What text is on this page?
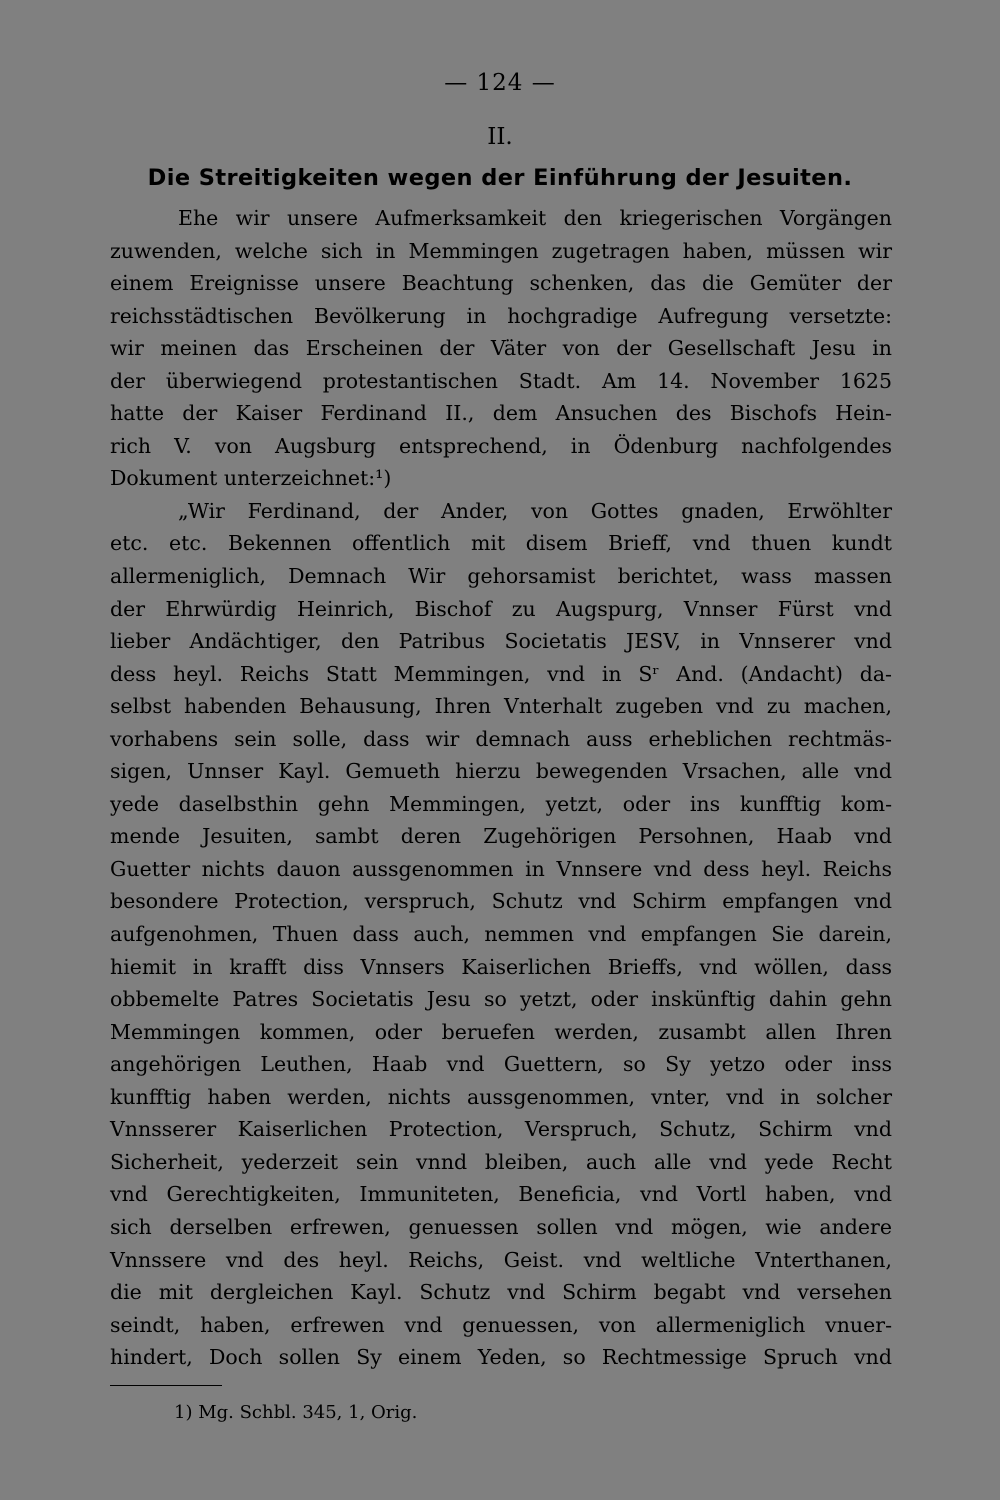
— 124 —
II.
Die Streitigkeiten wegen der Einführung der Jesuiten.
Ehe wir unsere Aufmerksamkeit den kriegerischen Vorgängen
zuwenden, welche sich in Memmingen zugetragen haben, müssen wir
einem Ereignisse unsere Beachtung schenken, das die Gemüter der
reichsstädtischen Bevölkerung in hochgradige Aufregung versetzte:
wir meinen das Erscheinen der Väter von der Gesellschaft Jesu in
der überwiegend protestantischen Stadt. Am 14. November 1625
hatte der Kaiser Ferdinand II., dem Ansuchen des Bischofs Hein-
rich V. von Augsburg entsprechend, in Ödenburg nachfolgendes
Dokument unterzeichnet:¹)
„Wir Ferdinand, der Ander, von Gottes gnaden, Erwöhlter
etc. etc. Bekennen offentlich mit disem Brieff, vnd thuen kundt
allermeniglich, Demnach Wir gehorsamist berichtet, wass massen
der Ehrwürdig Heinrich, Bischof zu Augspurg, Vnnser Fürst vnd
lieber Andächtiger, den Patribus Societatis JESV, in Vnnserer vnd
dess heyl. Reichs Statt Memmingen, vnd in Sʳ And. (Andacht) da-
selbst habenden Behausung, Ihren Vnterhalt zugeben vnd zu machen,
vorhabens sein solle, dass wir demnach auss erheblichen rechtmäs-
sigen, Unnser Kayl. Gemueth hierzu bewegenden Vrsachen, alle vnd
yede daselbsthin gehn Memmingen, yetzt, oder ins kunfftig kom-
mende Jesuiten, sambt deren Zugehörigen Persohnen, Haab vnd
Guetter nichts dauon aussgenommen in Vnnsere vnd dess heyl. Reichs
besondere Protection, verspruch, Schutz vnd Schirm empfangen vnd
aufgenohmen, Thuen dass auch, nemmen vnd empfangen Sie darein,
hiemit in krafft diss Vnnsers Kaiserlichen Brieffs, vnd wöllen, dass
obbemelte Patres Societatis Jesu so yetzt, oder inskünftig dahin gehn
Memmingen kommen, oder beruefen werden, zusambt allen Ihren
angehörigen Leuthen, Haab vnd Guettern, so Sy yetzo oder inss
kunfftig haben werden, nichts aussgenommen, vnter, vnd in solcher
Vnnsserer Kaiserlichen Protection, Verspruch, Schutz, Schirm vnd
Sicherheit, yederzeit sein vnnd bleiben, auch alle vnd yede Recht
vnd Gerechtigkeiten, Immuniteten, Beneficia, vnd Vortl haben, vnd
sich derselben erfrewen, genuessen sollen vnd mögen, wie andere
Vnnssere vnd des heyl. Reichs, Geist. vnd weltliche Vnterthanen,
die mit dergleichen Kayl. Schutz vnd Schirm begabt vnd versehen
seindt, haben, erfrewen vnd genuessen, von allermeniglich vnuer-
hindert, Doch sollen Sy einem Yeden, so Rechtmessige Spruch vnd
1) Mg. Schbl. 345, 1, Orig.
